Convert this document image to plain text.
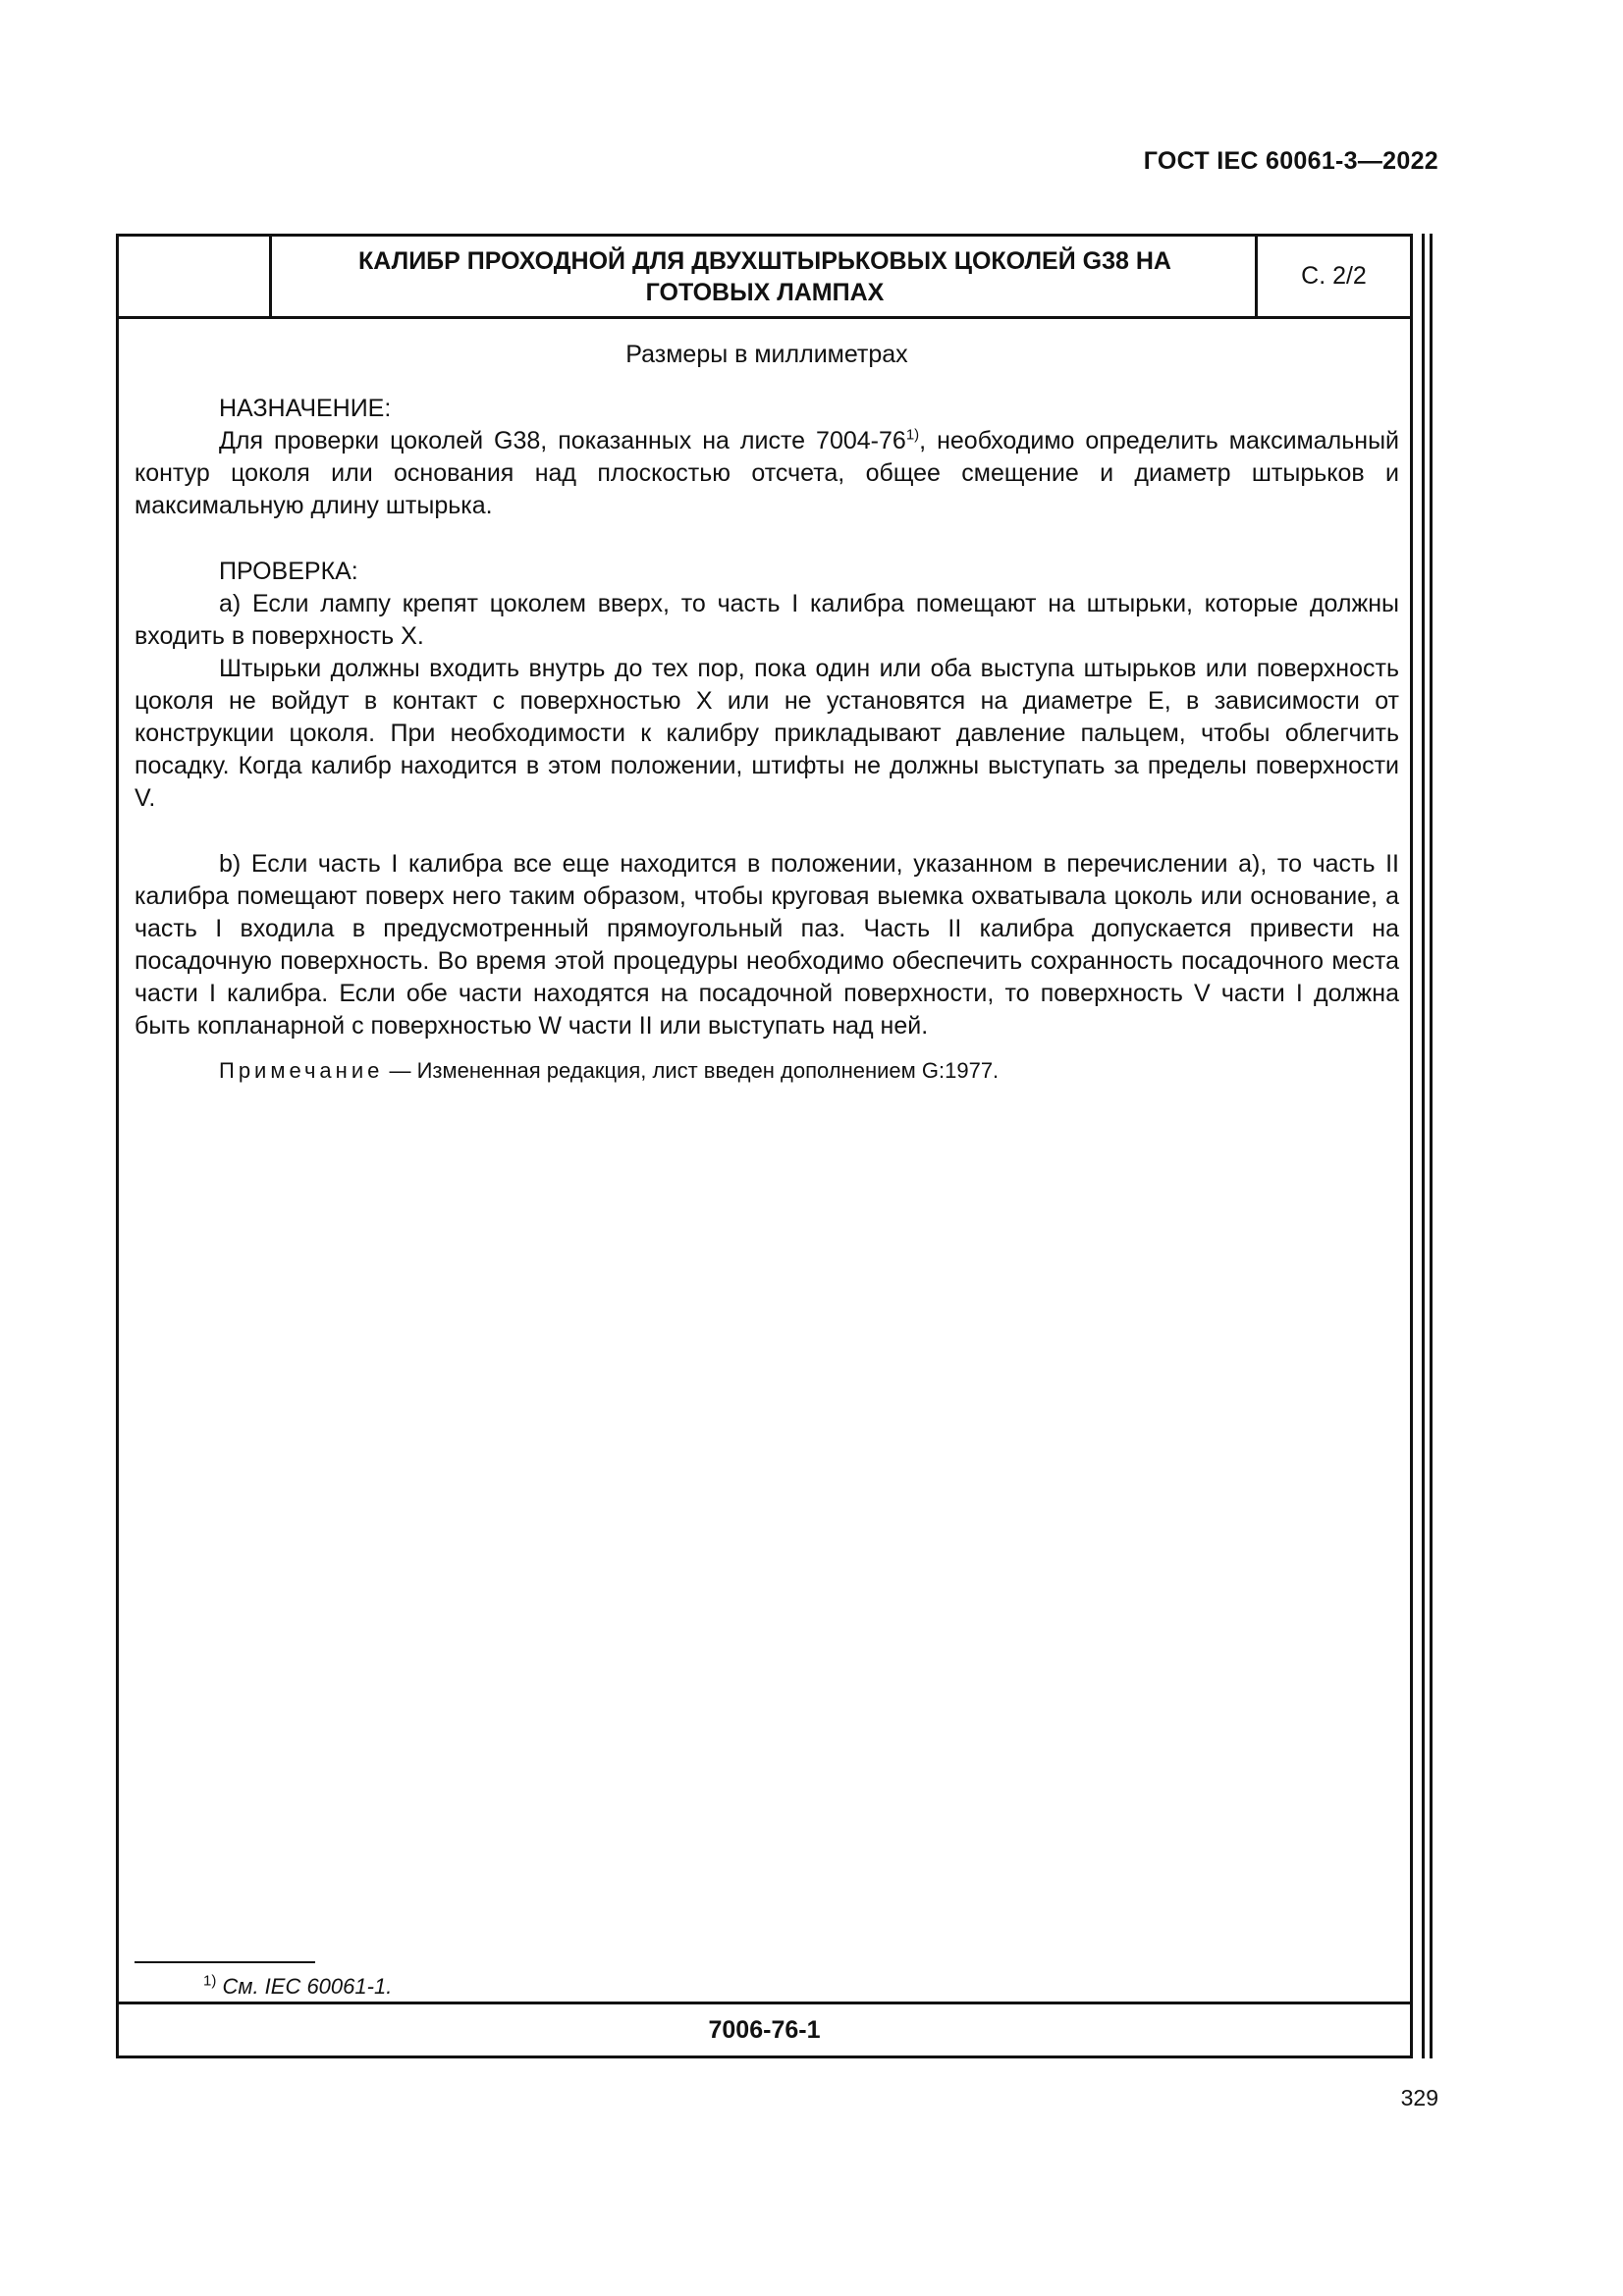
ГОСТ IEC 60061-3—2022
КАЛИБР ПРОХОДНОЙ ДЛЯ ДВУХШТЫРЬКОВЫХ ЦОКОЛЕЙ G38 НА ГОТОВЫХ ЛАМПАХ
С. 2/2

Размеры в миллиметрах

НАЗНАЧЕНИЕ:

Для проверки цоколей G38, показанных на листе 7004-76$^{1)}$, необходимо определить максимальный контур цоколя или основания над плоскостью отсчета, общее смещение и диаметр штырьков и максимальную длину штырька.

ПРОВЕРКА:

a) Если лампу крепят цоколем вверх, то часть I калибра помещают на штырьки, которые должны входить в поверхность X.

Штырьки должны входить внутрь до тех пор, пока один или оба выступа штырьков или поверхность цоколя не войдут в контакт с поверхностью X или не установятся на диаметре E, в зависимости от конструкции цоколя. При необходимости к калибру прикладывают давление пальцем, чтобы облегчить посадку. Когда калибр находится в этом положении, штифты не должны выступать за пределы поверхности V.

b) Если часть I калибра все еще находится в положении, указанном в перечислении a), то часть II калибра помещают поверх него таким образом, чтобы круговая выемка охватывала цоколь или основание, а часть I входила в предусмотренный прямоугольный паз. Часть II калибра допускается привести на посадочную поверхность. Во время этой процедуры необходимо обеспечить сохранность посадочного места части I калибра. Если обе части находятся на посадочной поверхности, то поверхность V части I должна быть копланарной с поверхностью W части II или выступать над ней.

Примечание — Измененная редакция, лист введен дополнением G:1977.

$^{1)}$ См. IEC 60061-1.
7006-76-1
329
